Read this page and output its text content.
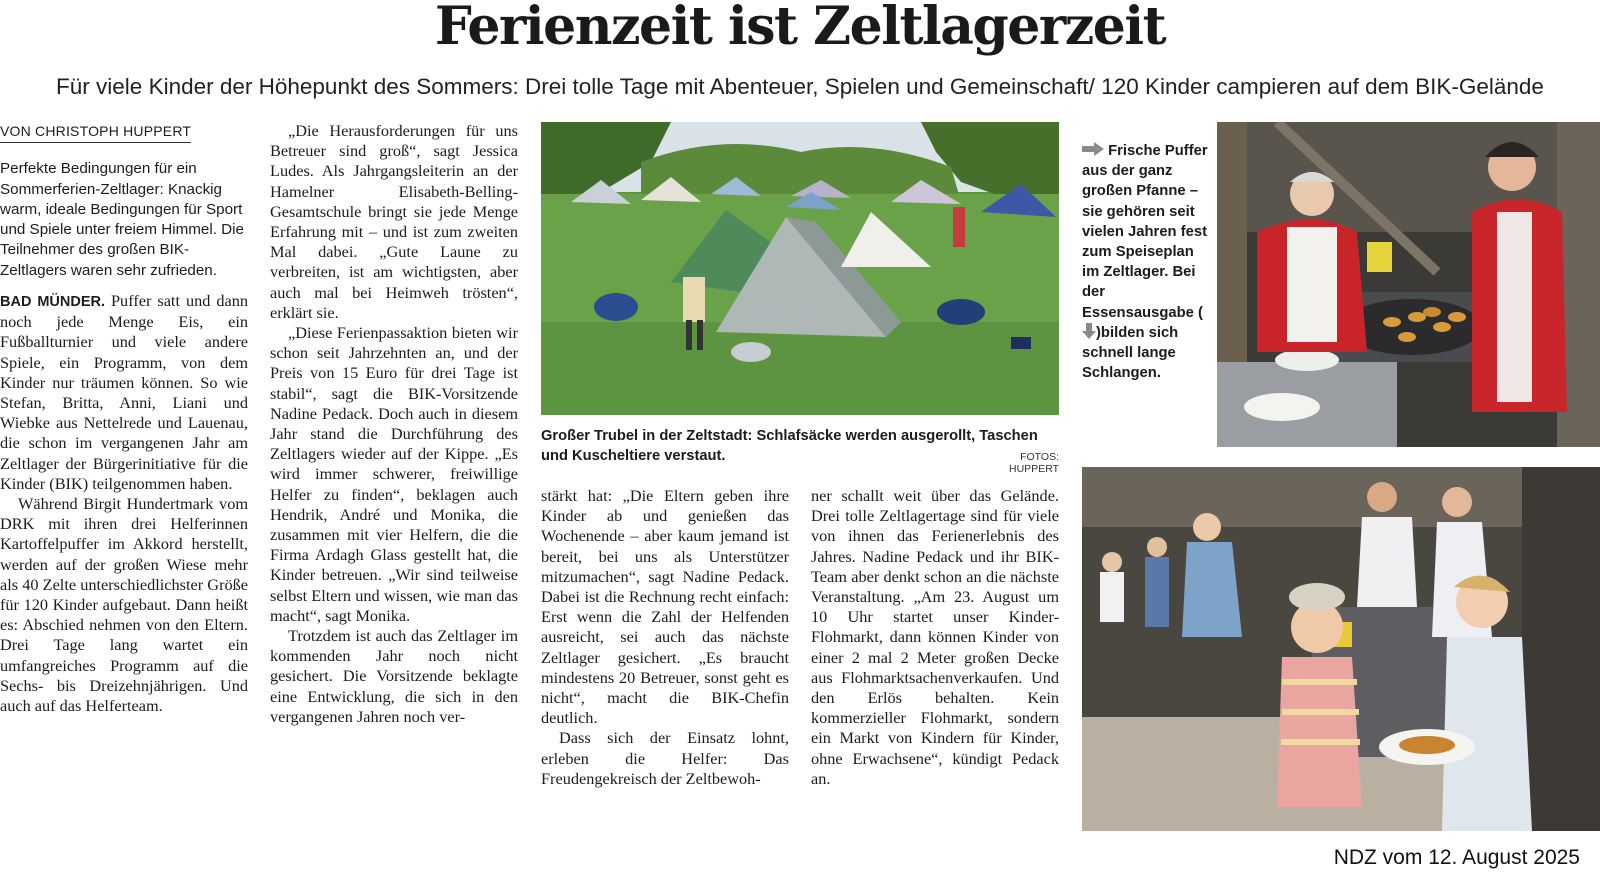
Ferienzeit ist Zeltlagerzeit
Für viele Kinder der Höhepunkt des Sommers: Drei tolle Tage mit Abenteuer, Spielen und Gemeinschaft/ 120 Kinder campieren auf dem BIK-Gelände
VON CHRISTOPH HUPPERT

Perfekte Bedingungen für ein Sommerferien-Zeltlager: Knackig warm, ideale Bedingungen für Sport und Spiele unter freiem Himmel. Die Teilnehmer des großen BIK-Zeltlagers waren sehr zufrieden.

BAD MÜNDER. Puffer satt und dann noch jede Menge Eis, ein Fußballturnier und viele andere Spiele, ein Programm, von dem Kinder nur träumen können. So wie Stefan, Britta, Anni, Liani und Wiebke aus Nettelrede und Lauenau, die schon im vergangenen Jahr am Zeltlager der Bürgerinitiative für die Kinder (BIK) teilgenommen haben.

Während Birgit Hundertmark vom DRK mit ihren drei Helferinnen Kartoffelpuffer im Akkord herstellt, werden auf der großen Wiese mehr als 40 Zelte unterschiedlichster Größe für 120 Kinder aufgebaut. Dann heißt es: Abschied nehmen von den Eltern. Drei Tage lang wartet ein umfangreiches Programm auf die Sechs- bis Dreizehnjährigen. Und auch auf das Helferteam.

„Die Herausforderungen für uns Betreuer sind groß“, sagt Jessica Ludes. Als Jahrgangsleiterin an der Hamelner Elisabeth-Belling-Gesamtschule bringt sie jede Menge Erfahrung mit – und ist zum zweiten Mal dabei. „Gute Laune zu verbreiten, ist am wichtigsten, aber auch mal bei Heimweh trösten“, erklärt sie.

„Diese Ferienpassaktion bieten wir schon seit Jahrzehnten an, und der Preis von 15 Euro für drei Tage ist stabil“, sagt die BIK-Vorsitzende Nadine Pedack. Doch auch in diesem Jahr stand die Durchführung des Zeltlagers wieder auf der Kippe. „Es wird immer schwerer, freiwillige Helfer zu finden“, beklagen auch Hendrik, André und Monika, die zusammen mit vier Helfern, die die Firma Ardagh Glass gestellt hat, die Kinder betreuen. „Wir sind teilweise selbst Eltern und wissen, wie man das macht“, sagt Monika.

Trotzdem ist auch das Zeltlager im kommenden Jahr noch nicht gesichert. Die Vorsitzende beklagte eine Entwicklung, die sich in den vergangenen Jahren noch ver-

stärkt hat: „Die Eltern geben ihre Kinder ab und genießen das Wochenende – aber kaum jemand ist bereit, bei uns als Unterstützer mitzumachen“, sagt Nadine Pedack. Dabei ist die Rechnung recht einfach: Erst wenn die Zahl der Helfenden ausreicht, sei auch das nächste Zeltlager gesichert. „Es braucht mindestens 20 Betreuer, sonst geht es nicht“, macht die BIK-Chefin deutlich.

Dass sich der Einsatz lohnt, erleben die Helfer: Das Freudengekreisch der Zeltbewoh-

ner schallt weit über das Gelände. Drei tolle Zeltlagertage sind für viele von ihnen das Ferienerlebnis des Jahres. Nadine Pedack und ihr BIK-Team aber denkt schon an die nächste Veranstaltung. „Am 23. August um 10 Uhr startet unser Kinder-Flohmarkt, dann können Kinder von einer 2 mal 2 Meter großen Decke aus Flohmarktsachenverkaufen. Und den Erlös behalten. Kein kommerzieller Flohmarkt, sondern ein Markt von Kindern für Kinder, ohne Erwachsene“, kündigt Pedack an.

Frische Puffer aus der ganz großen Pfanne – sie gehören seit vielen Jahren fest zum Speiseplan im Zeltlager. Bei der Essensausgabe ()bilden sich schnell lange Schlangen.
Großer Trubel in der Zeltstadt: Schlafsäcke werden ausgerollt, Taschen und Kuscheltiere verstaut.	FOTOS: HUPPERT
NDZ vom 12. August 2025
